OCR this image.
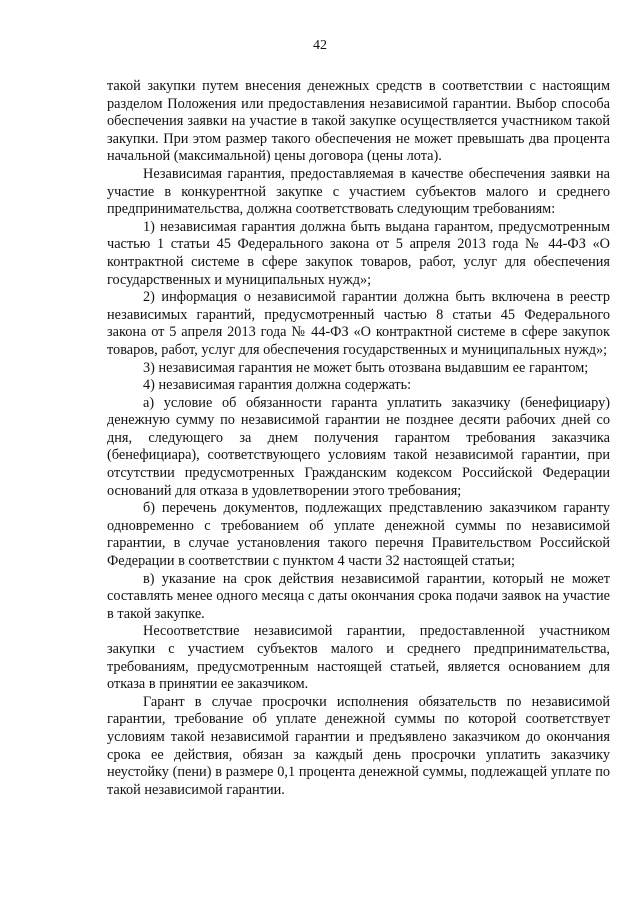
42

такой закупки путем внесения денежных средств в соответствии с настоящим разделом Положения или предоставления независимой гарантии. Выбор способа обеспечения заявки на участие в такой закупке осуществляется участником такой закупки. При этом размер такого обеспечения не может превышать два процента начальной (максимальной) цены договора (цены лота).

Независимая гарантия, предоставляемая в качестве обеспечения заявки на участие в конкурентной закупке с участием субъектов малого и среднего предпринимательства, должна соответствовать следующим требованиям:

1) независимая гарантия должна быть выдана гарантом, предусмотренным частью 1 статьи 45 Федерального закона от 5 апреля 2013 года № 44-ФЗ «О контрактной системе в сфере закупок товаров, работ, услуг для обеспечения государственных и муниципальных нужд»;

2) информация о независимой гарантии должна быть включена в реестр независимых гарантий, предусмотренный частью 8 статьи 45 Федерального закона от 5 апреля 2013 года № 44-ФЗ «О контрактной системе в сфере закупок товаров, работ, услуг для обеспечения государственных и муниципальных нужд»;

3) независимая гарантия не может быть отозвана выдавшим ее гарантом;

4) независимая гарантия должна содержать:

а) условие об обязанности гаранта уплатить заказчику (бенефициару) денежную сумму по независимой гарантии не позднее десяти рабочих дней со дня, следующего за днем получения гарантом требования заказчика (бенефициара), соответствующего условиям такой независимой гарантии, при отсутствии предусмотренных Гражданским кодексом Российской Федерации оснований для отказа в удовлетворении этого требования;

б) перечень документов, подлежащих представлению заказчиком гаранту одновременно с требованием об уплате денежной суммы по независимой гарантии, в случае установления такого перечня Правительством Российской Федерации в соответствии с пунктом 4 части 32 настоящей статьи;

в) указание на срок действия независимой гарантии, который не может составлять менее одного месяца с даты окончания срока подачи заявок на участие в такой закупке.

Несоответствие независимой гарантии, предоставленной участником закупки с участием субъектов малого и среднего предпринимательства, требованиям, предусмотренным настоящей статьей, является основанием для отказа в принятии ее заказчиком.

Гарант в случае просрочки исполнения обязательств по независимой гарантии, требование об уплате денежной суммы по которой соответствует условиям такой независимой гарантии и предъявлено заказчиком до окончания срока ее действия, обязан за каждый день просрочки уплатить заказчику неустойку (пени) в размере 0,1 процента денежной суммы, подлежащей уплате по такой независимой гарантии.
